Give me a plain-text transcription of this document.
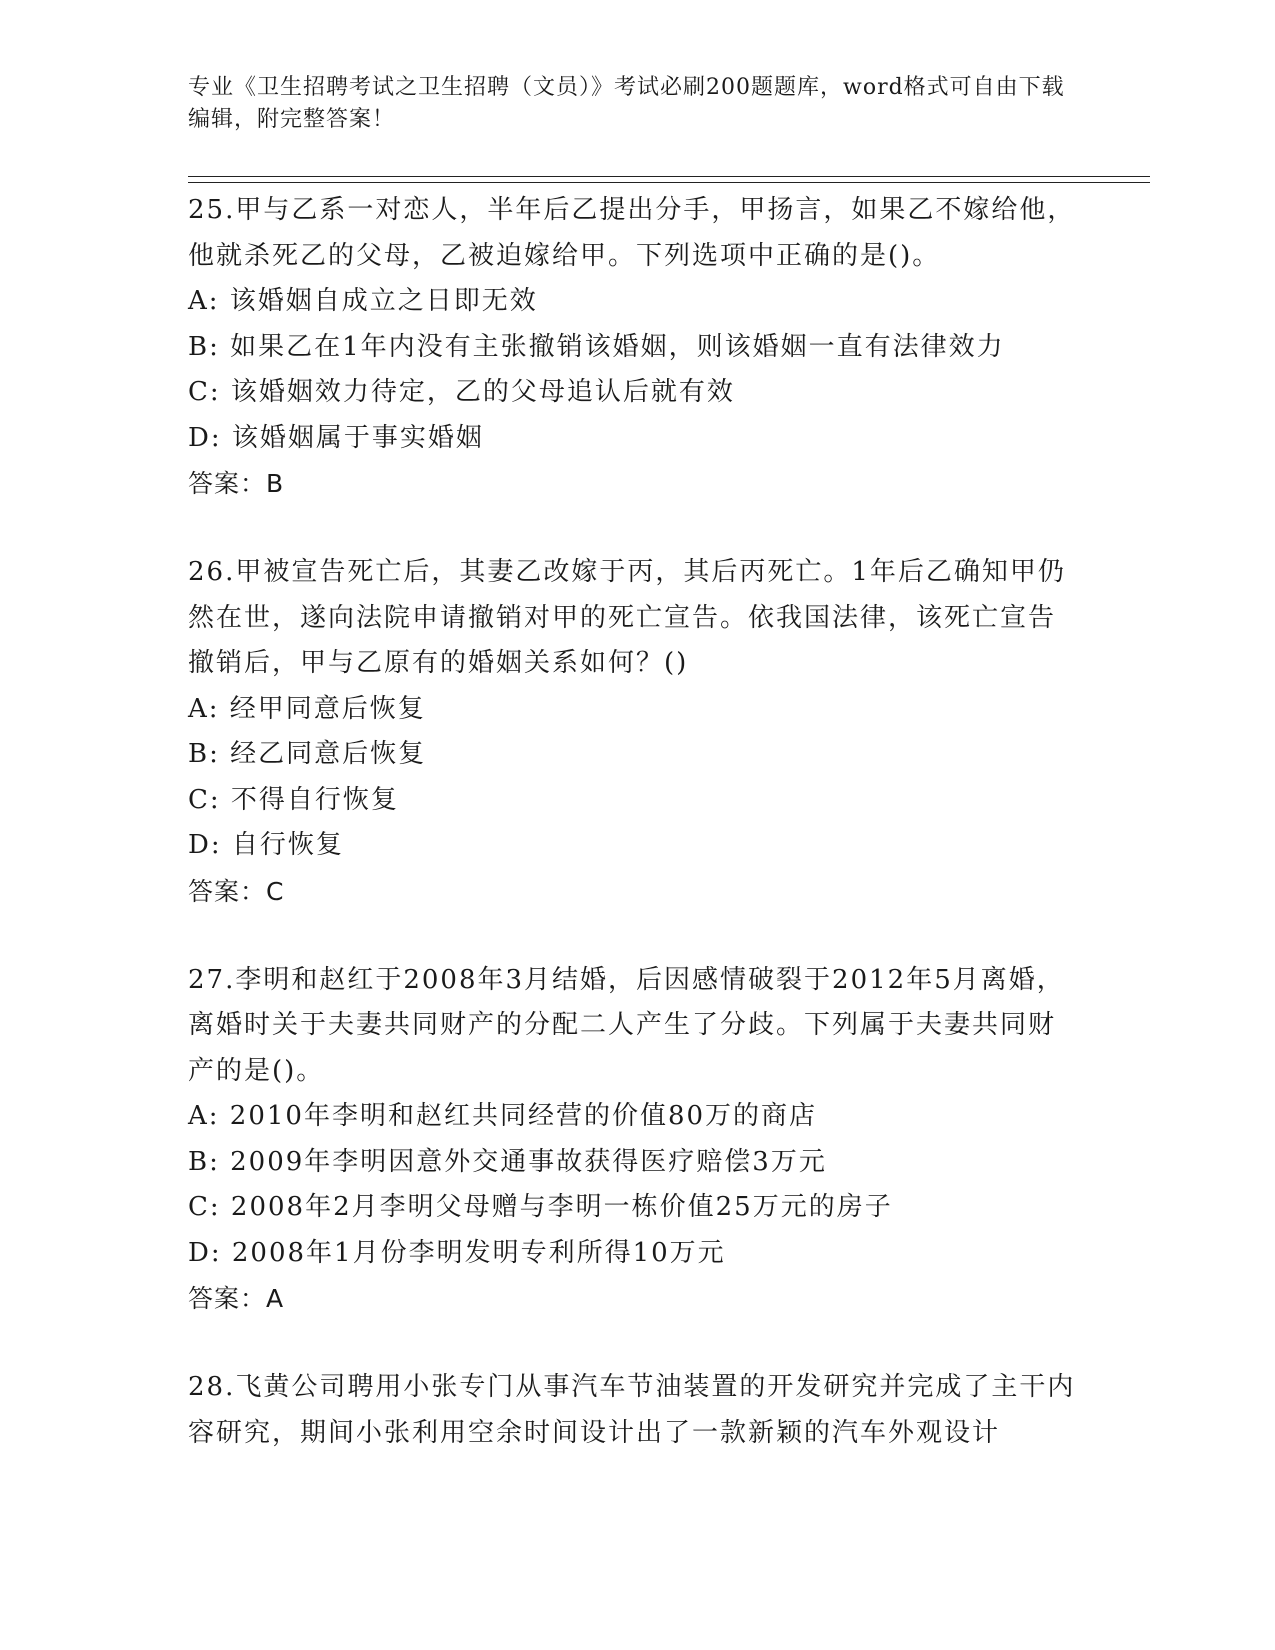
专业《卫生招聘考试之卫生招聘（文员）》考试必刷200题题库，word格式可自由下载编辑，附完整答案！

25.甲与乙系一对恋人，半年后乙提出分手，甲扬言，如果乙不嫁给他，他就杀死乙的父母，乙被迫嫁给甲。下列选项中正确的是()。

A: 该婚姻自成立之日即无效

B: 如果乙在1年内没有主张撤销该婚姻，则该婚姻一直有法律效力

C: 该婚姻效力待定，乙的父母追认后就有效

D: 该婚姻属于事实婚姻

答案：B

26.甲被宣告死亡后，其妻乙改嫁于丙，其后丙死亡。1年后乙确知甲仍然在世，遂向法院申请撤销对甲的死亡宣告。依我国法律，该死亡宣告撤销后，甲与乙原有的婚姻关系如何？()

A: 经甲同意后恢复

B: 经乙同意后恢复

C: 不得自行恢复

D: 自行恢复

答案：C

27.李明和赵红于2008年3月结婚，后因感情破裂于2012年5月离婚，离婚时关于夫妻共同财产的分配二人产生了分歧。下列属于夫妻共同财产的是()。

A: 2010年李明和赵红共同经营的价值80万的商店

B: 2009年李明因意外交通事故获得医疗赔偿3万元

C: 2008年2月李明父母赠与李明一栋价值25万元的房子

D: 2008年1月份李明发明专利所得10万元

答案：A

28.飞黄公司聘用小张专门从事汽车节油装置的开发研究并完成了主干内容研究，期间小张利用空余时间设计出了一款新颖的汽车外观设计
